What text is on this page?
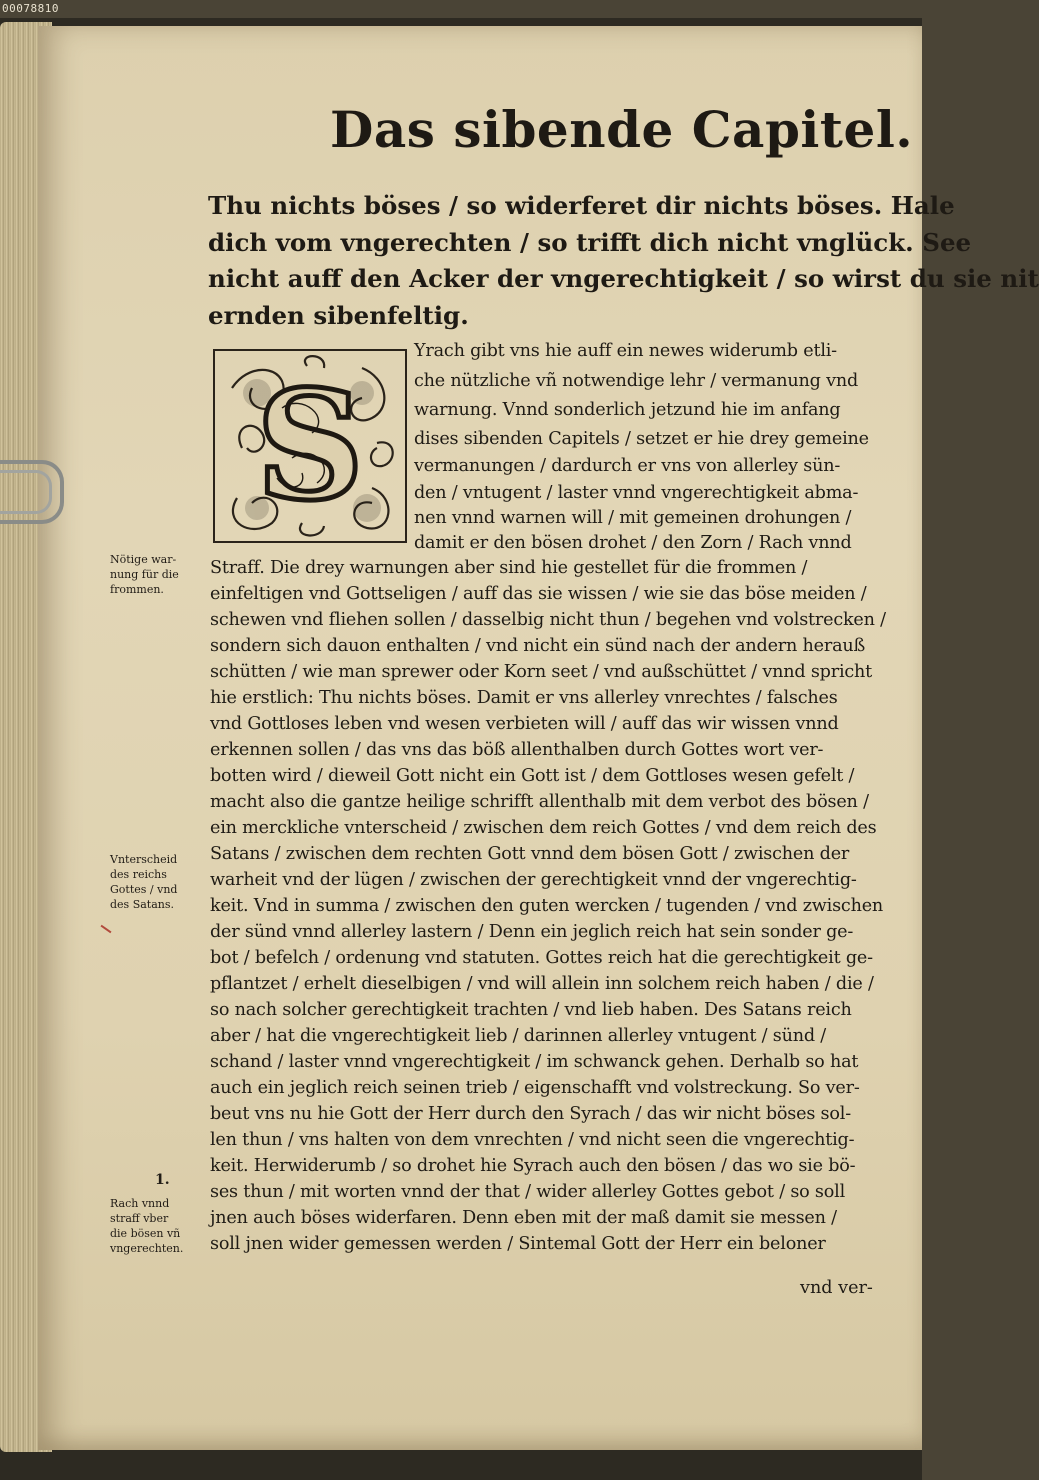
00078810
Das sibende Capitel.
Thu nichts böses / so widerferet dir nichts böses. Hale
dich vom vngerechten / so trifft dich nicht vnglück. See
nicht auff den Acker der vngerechtigkeit / so wirst du sie nit
ernden sibenfeltig.
S
Yrach gibt vns hie auff ein newes widerumb etli-
che nützliche vñ notwendige lehr / vermanung vnd
warnung. Vnnd sonderlich jetzund hie im anfang
dises sibenden Capitels / setzet er hie drey gemeine
vermanungen / dardurch er vns von allerley sün-
den / vntugent / laster vnnd vngerechtigkeit abma-
nen vnnd warnen will / mit gemeinen drohungen /
damit er den bösen drohet / den Zorn / Rach vnnd
Straff. Die drey warnungen aber sind hie gestellet für die frommen /
einfeltigen vnd Gottseligen / auff das sie wissen / wie sie das böse meiden /
schewen vnd fliehen sollen / dasselbig nicht thun / begehen vnd volstrecken /
sondern sich dauon enthalten / vnd nicht ein sünd nach der andern herauß
schütten / wie man sprewer oder Korn seet / vnd außschüttet / vnnd spricht
hie erstlich: Thu nichts böses. Damit er vns allerley vnrechtes / falsches
vnd Gottloses leben vnd wesen verbieten will / auff das wir wissen vnnd
erkennen sollen / das vns das böß allenthalben durch Gottes wort ver-
botten wird / dieweil Gott nicht ein Gott ist / dem Gottloses wesen gefelt /
macht also die gantze heilige schrifft allenthalb mit dem verbot des bösen /
ein merckliche vnterscheid / zwischen dem reich Gottes / vnd dem reich des
Satans / zwischen dem rechten Gott vnnd dem bösen Gott / zwischen der
warheit vnd der lügen / zwischen der gerechtigkeit vnnd der vngerechtig-
keit. Vnd in summa / zwischen den guten wercken / tugenden / vnd zwischen
der sünd vnnd allerley lastern / Denn ein jeglich reich hat sein sonder ge-
bot / befelch / ordenung vnd statuten. Gottes reich hat die gerechtigkeit ge-
pflantzet / erhelt dieselbigen / vnd will allein inn solchem reich haben / die /
so nach solcher gerechtigkeit trachten / vnd lieb haben. Des Satans reich
aber / hat die vngerechtigkeit lieb / darinnen allerley vntugent / sünd /
schand / laster vnnd vngerechtigkeit / im schwanck gehen. Derhalb so hat
auch ein jeglich reich seinen trieb / eigenschafft vnd volstreckung. So ver-
beut vns nu hie Gott der Herr durch den Syrach / das wir nicht böses sol-
len thun / vns halten von dem vnrechten / vnd nicht seen die vngerechtig-
keit. Herwiderumb / so drohet hie Syrach auch den bösen / das wo sie bö-
ses thun / mit worten vnnd der that / wider allerley Gottes gebot / so soll
jnen auch böses widerfaren. Denn eben mit der maß damit sie messen /
soll jnen wider gemessen werden / Sintemal Gott der Herr ein beloner
vnd ver-
Nötige war-
nung für die
frommen.
Vnterscheid
des reichs
Gottes / vnd
des Satans.
1.
Rach vnnd
straff vber
die bösen vñ
vngerechten.
